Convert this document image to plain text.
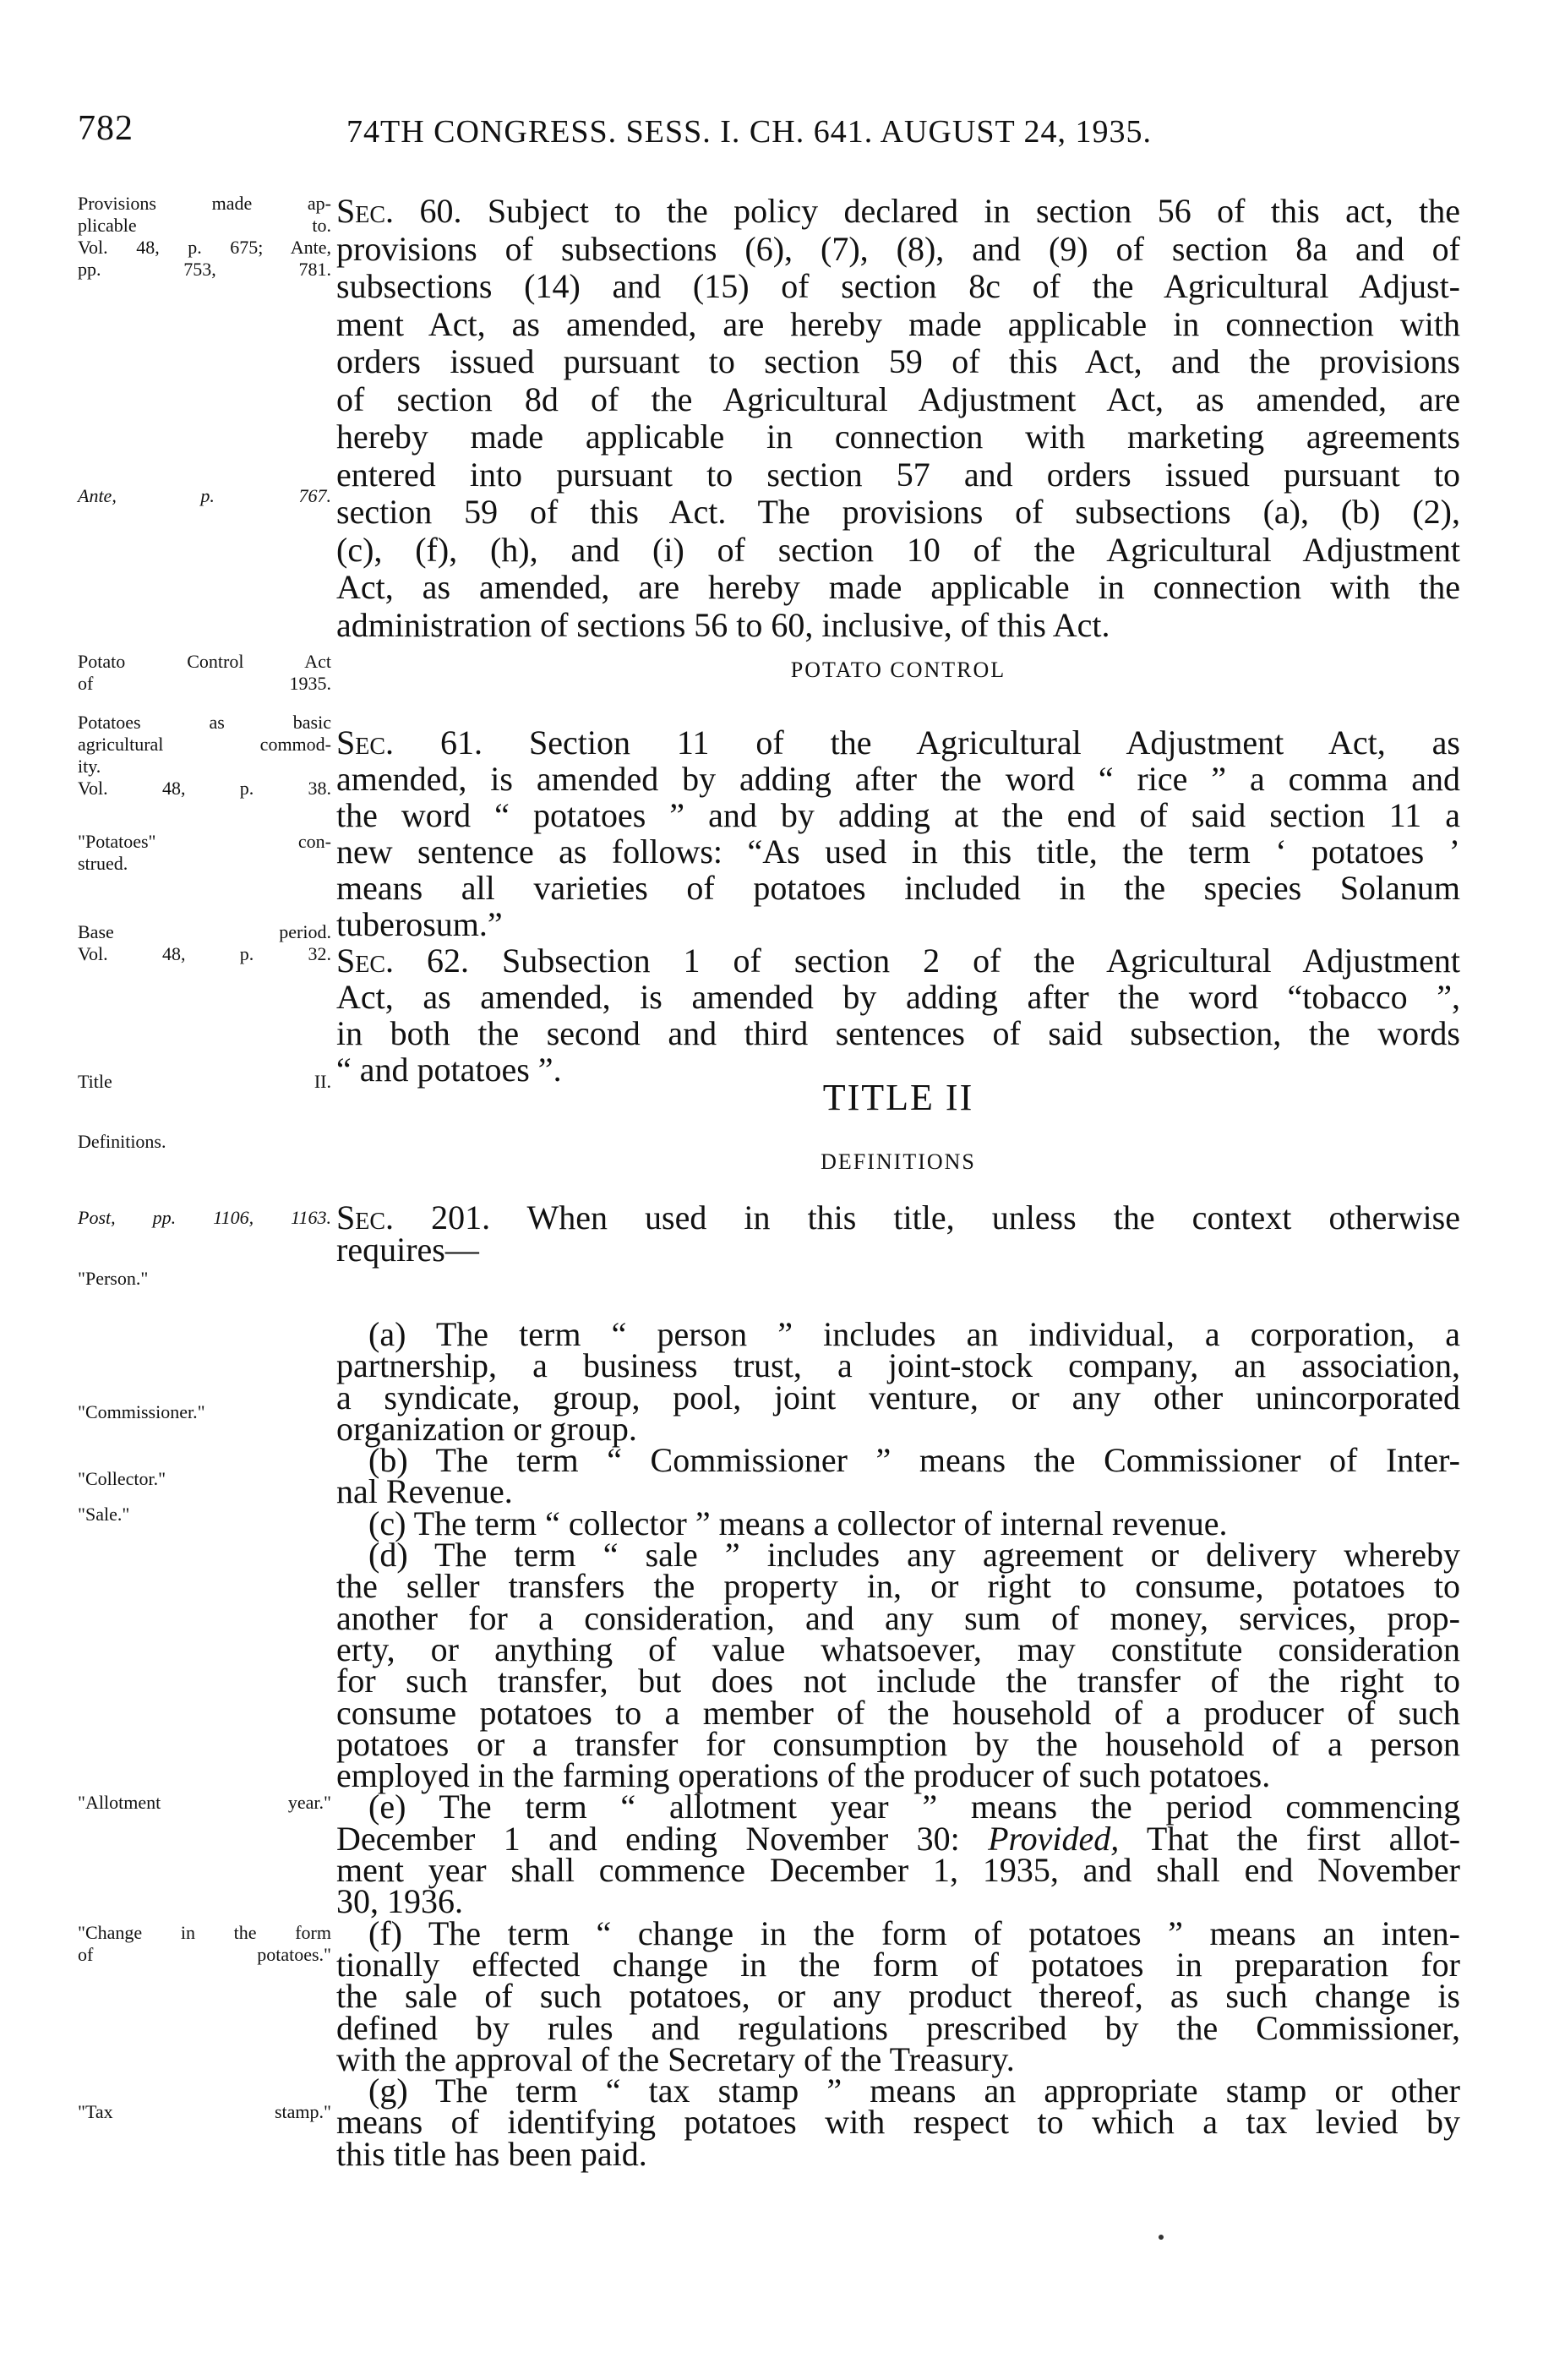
782	74TH CONGRESS. SESS. I. CH. 641. AUGUST 24, 1935.
Provisions made ap-
plicable to.
Vol. 48, p. 675; Ante,
pp. 753, 781.
Ante, p. 767.
Potato Control Act
of 1935.
Potatoes as basic
agricultural commod-
ity.
Vol. 48, p. 38.
"Potatoes" con-
strued.
Base period.
Vol. 48, p. 32.
Title II.
Definitions.
Post, pp. 1106, 1163.
"Person."
"Commissioner."
"Collector."
"Sale."
"Allotment year."
"Change in the form
of potatoes."
"Tax stamp."
Sec. 60. Subject to the policy declared in section 56 of this act, the
provisions of subsections (6), (7), (8), and (9) of section 8a and of
subsections (14) and (15) of section 8c of the Agricultural Adjust-
ment Act, as amended, are hereby made applicable in connection with
orders issued pursuant to section 59 of this Act, and the provisions
of section 8d of the Agricultural Adjustment Act, as amended, are
hereby made applicable in connection with marketing agreements
entered into pursuant to section 57 and orders issued pursuant to
section 59 of this Act. The provisions of subsections (a), (b) (2),
(c), (f), (h), and (i) of section 10 of the Agricultural Adjustment
Act, as amended, are hereby made applicable in connection with the
administration of sections 56 to 60, inclusive, of this Act.
POTATO CONTROL
Sec. 61. Section 11 of the Agricultural Adjustment Act, as
amended, is amended by adding after the word “ rice ” a comma and
the word “ potatoes ” and by adding at the end of said section 11 a
new sentence as follows: “As used in this title, the term ‘ potatoes ’
means all varieties of potatoes included in the species Solanum
tuberosum.”
Sec. 62. Subsection 1 of section 2 of the Agricultural Adjustment
Act, as amended, is amended by adding after the word “tobacco ”,
in both the second and third sentences of said subsection, the words
“ and potatoes ”.
TITLE II
DEFINITIONS
Sec. 201. When used in this title, unless the context otherwise
requires—
(a) The term “ person ” includes an individual, a corporation, a
partnership, a business trust, a joint-stock company, an association,
a syndicate, group, pool, joint venture, or any other unincorporated
organization or group.
(b) The term “ Commissioner ” means the Commissioner of Inter-
nal Revenue.
(c) The term “ collector ” means a collector of internal revenue.
(d) The term “ sale ” includes any agreement or delivery whereby
the seller transfers the property in, or right to consume, potatoes to
another for a consideration, and any sum of money, services, prop-
erty, or anything of value whatsoever, may constitute consideration
for such transfer, but does not include the transfer of the right to
consume potatoes to a member of the household of a producer of such
potatoes or a transfer for consumption by the household of a person
employed in the farming operations of the producer of such potatoes.
(e) The term “ allotment year ” means the period commencing
December 1 and ending November 30: Provided, That the first allot-
ment year shall commence December 1, 1935, and shall end November
30, 1936.
(f) The term “ change in the form of potatoes ” means an inten-
tionally effected change in the form of potatoes in preparation for
the sale of such potatoes, or any product thereof, as such change is
defined by rules and regulations prescribed by the Commissioner,
with the approval of the Secretary of the Treasury.
(g) The term “ tax stamp ” means an appropriate stamp or other
means of identifying potatoes with respect to which a tax levied by
this title has been paid.
